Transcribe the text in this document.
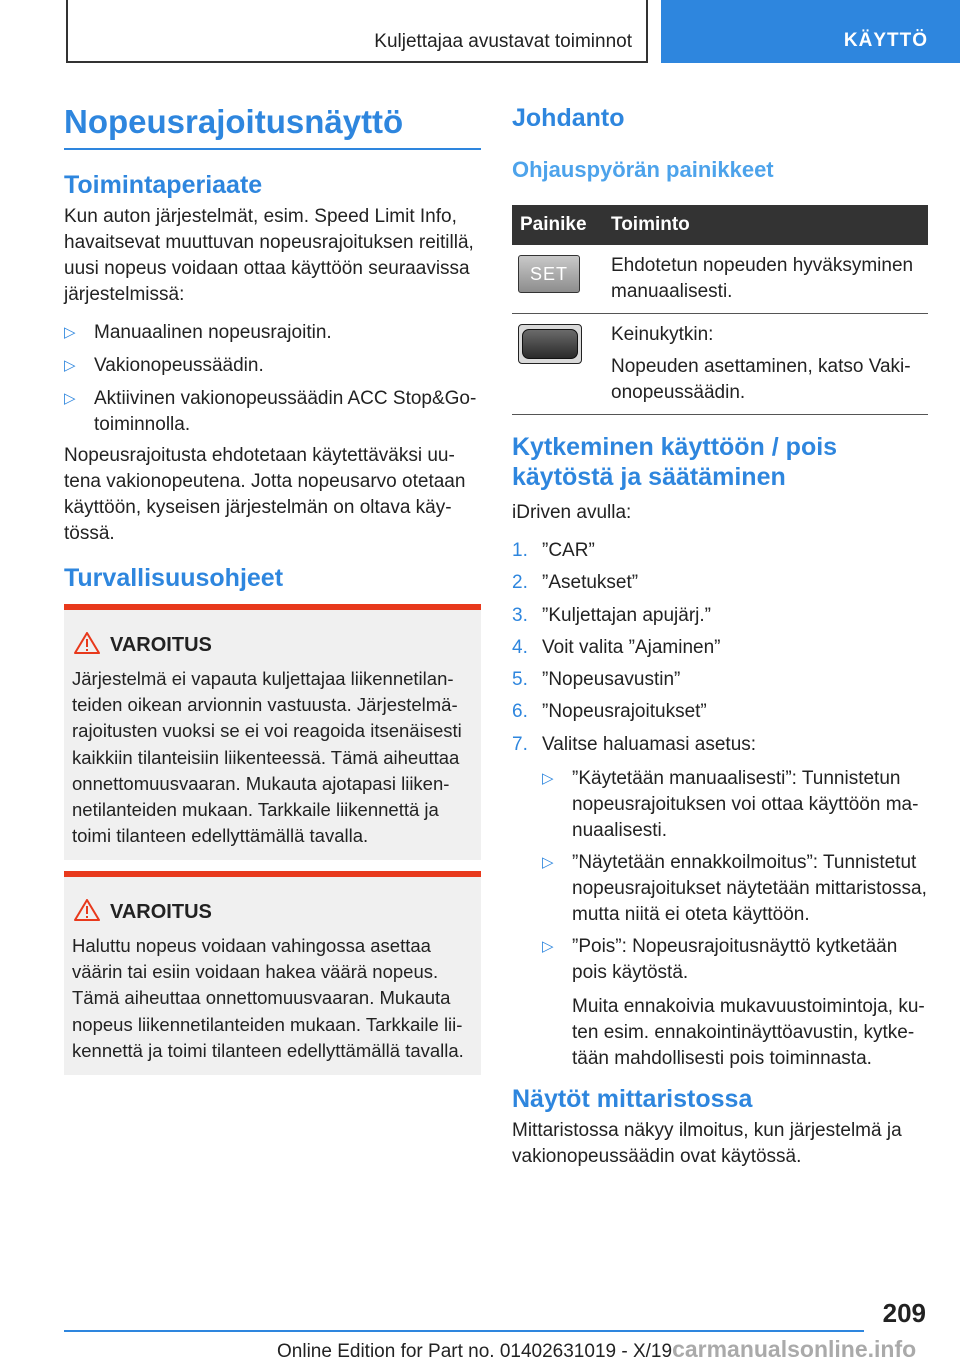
Kuljettajaa avustavat toiminnot	KÄYTTÖ
Nopeusrajoitusnäyttö

Toimintaperiaate

Kun auton järjestelmät, esim. Speed Limit Info, havaitsevat muuttuvan nopeusrajoituksen reitillä, uusi nopeus voidaan ottaa käyttöön seuraavissa järjestelmissä:

▷ Manuaalinen nopeusrajoitin.
▷ Vakionopeussäädin.
▷ Aktiivinen vakionopeussäädin ACC Stop&Go-toiminnolla.

Nopeusrajoitusta ehdotetaan käytettäväksi uutena vakionopeutena. Jotta nopeusarvo otetaan käyttöön, kyseisen järjestelmän on oltava käytössä.

Turvallisuusohjeet

VAROITUS
Järjestelmä ei vapauta kuljettajaa liikennetilanteiden oikean arvionnin vastuusta. Järjestelmärajoitusten vuoksi se ei voi reagoida itsenäisesti kaikkiin tilanteisiin liikenteessä. Tämä aiheuttaa onnettomuusvaaran. Mukauta ajotapasi liikennetilanteiden mukaan. Tarkkaile liikennettä ja toimi tilanteen edellyttämällä tavalla.
VAROITUS
Haluttu nopeus voidaan vahingossa asettaa väärin tai esiin voidaan hakea väärä nopeus. Tämä aiheuttaa onnettomuusvaaran. Mukauta nopeus liikennetilanteiden mukaan. Tarkkaile liikennettä ja toimi tilanteen edellyttämällä tavalla.

Johdanto

Ohjauspyörän painikkeet

Painike	Toiminto

SET	Ehdotetun nopeuden hyväksyminen manuaalisesti.

	Keinukytkin:
Nopeuden asettaminen, katso Vakionopeussäädin.

Kytkeminen käyttöön / pois käytöstä ja säätäminen

iDriven avulla:

1. ”CAR”
2. ”Asetukset”
3. ”Kuljettajan apujärj.”
4. Voit valita ”Ajaminen”
5. ”Nopeusavustin”
6. ”Nopeusrajoitukset”
7. Valitse haluamasi asetus:
▷ ”Käytetään manuaalisesti”: Tunnistetun nopeusrajoituksen voi ottaa käyttöön manuaalisesti.
▷ ”Näytetään ennakkoilmoitus”: Tunnistetut nopeusrajoitukset näytetään mittaristossa, mutta niitä ei oteta käyttöön.
▷ ”Pois”: Nopeusrajoitusnäyttö kytketään pois käytöstä.
Muita ennakoivia mukavuustoimintoja, kuten esim. ennakointinäyttöavustin, kytketään mahdollisesti pois toiminnasta.

Näytöt mittaristossa

Mittaristossa näkyy ilmoitus, kun järjestelmä ja vakionopeussäädin ovat käytössä.

209
Online Edition for Part no. 01402631019 - X/19carmanualsonline.info
